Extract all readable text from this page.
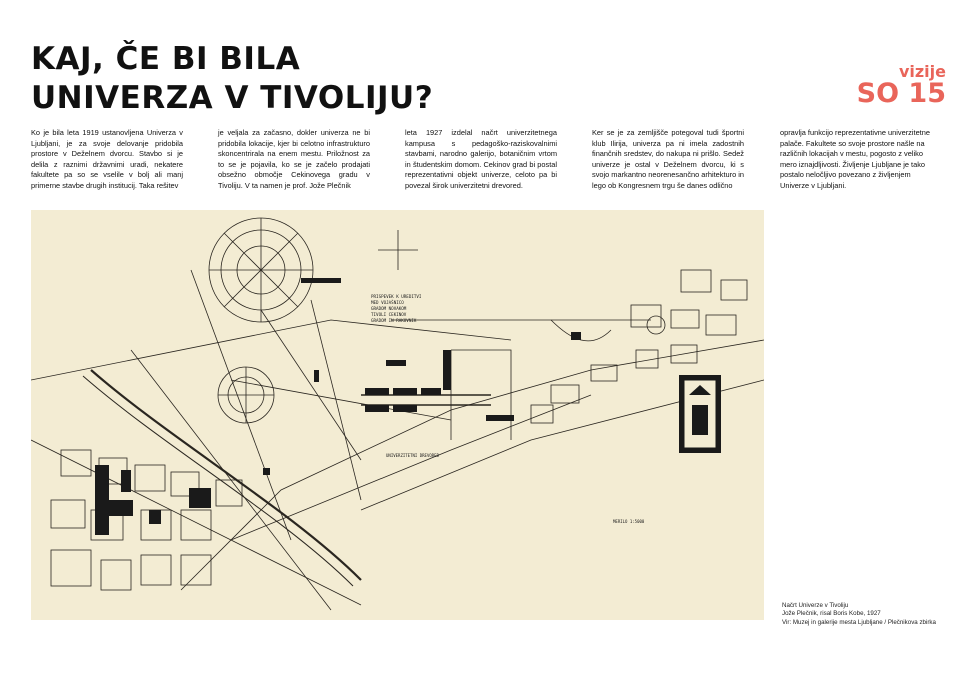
KAJ, ČE BI BILA
UNIVERZA V TIVOLIJU?
vizije
SO 15

Ko je bila leta 1919 ustanovljena Univerza v Ljubljani, je za svoje delovanje pridobila prostore v Deželnem dvorcu. Stavbo si je delila z raznimi državnimi uradi, nekatere fakultete pa so se vselile v bolj ali manj primerne stavbe drugih institucij. Taka rešitev

je veljala za začasno, dokler univerza ne bi pridobila lokacije, kjer bi celotno infrastrukturo skoncentrirala na enem mestu. Priložnost za to se je pojavila, ko se je začelo prodajati obsežno območje Cekinovega gradu v Tivoliju. V ta namen je prof. Jože Plečnik

leta 1927 izdelal načrt univerzitetnega kampusa s pedagoško-raziskovalnimi stavbami, narodno galerijo, botaničnim vrtom in študentskim domom. Cekinov grad bi postal reprezentativni objekt univerze, celoto pa bi povezal širok univerzitetni drevored.

Ker se je za zemljišče potegoval tudi športni klub Ilirija, univerza pa ni imela zadostnih finančnih sredstev, do nakupa ni prišlo. Sedež univerze je ostal v Deželnem dvorcu, ki s svojo markantno neorenesančno arhitekturo in lego ob Kongresnem trgu še danes odlično

opravlja funkcijo reprezentativne univerzitetne palače. Fakultete so svoje prostore našle na različnih lokacijah v mestu, pogosto z veliko mero iznajdljivosti. Življenje Ljubljane je tako postalo neločljivo povezano z življenjem Univerze v Ljubljani.

PRISPEVEK K UREDITVI
MED VOJAŠNICO
GRADOM NOVAKOM
TIVOLI CEKINOV
GRADOM IN RAKOVNIK
UNIVERZITETNI DREVORED
MERILO 1:5000
Načrt Univerze v Tivoliju
Jože Plečnik, risal Boris Kobe, 1927
Vir: Muzej in galerije mesta Ljubljane / Plečnikova zbirka
